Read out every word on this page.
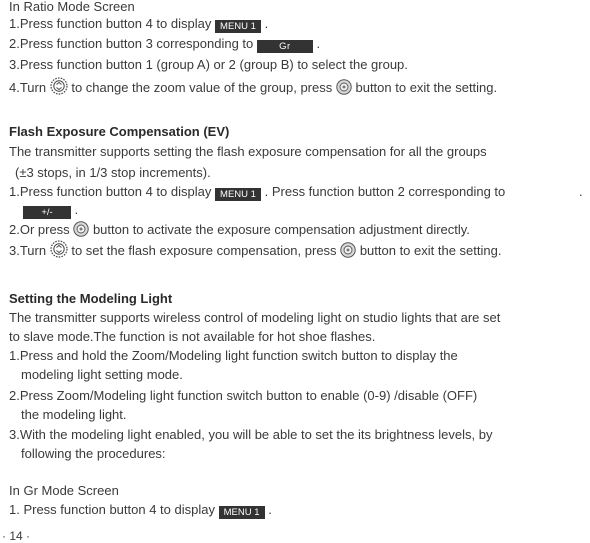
In Ratio Mode Screen
1.Press function button 4 to display MENU 1 .
2.Press function button 3 corresponding to	Gr .
3.Press function button 1 (group A) or 2 (group B) to select the group.
4.Turn to change the zoom value of the group, press button to exit the setting.
Flash Exposure Compensation (EV)
The transmitter supports setting the flash exposure compensation for all the groups
(±3 stops, in 1/3 stop increments).
1.Press function button 4 to display MENU 1 . Press function button 2 corresponding to	.
+/- .
2.Or press button to activate the exposure compensation adjustment directly.
3.Turn to set the flash exposure compensation, press button to exit the setting.
Setting the Modeling Light
The transmitter supports wireless control of modeling light on studio lights that are set
to slave mode.The function is not available for hot shoe flashes.
1.Press and hold the Zoom/Modeling light function switch button to display the
modeling light setting mode.
2.Press Zoom/Modeling light function switch button to enable (0-9) /disable (OFF)
the modeling light.
3.With the modeling light enabled, you will be able to set the its brightness levels, by
following the procedures:
In Gr Mode Screen
1. Press function button 4 to display MENU 1 .
· 14 ·
